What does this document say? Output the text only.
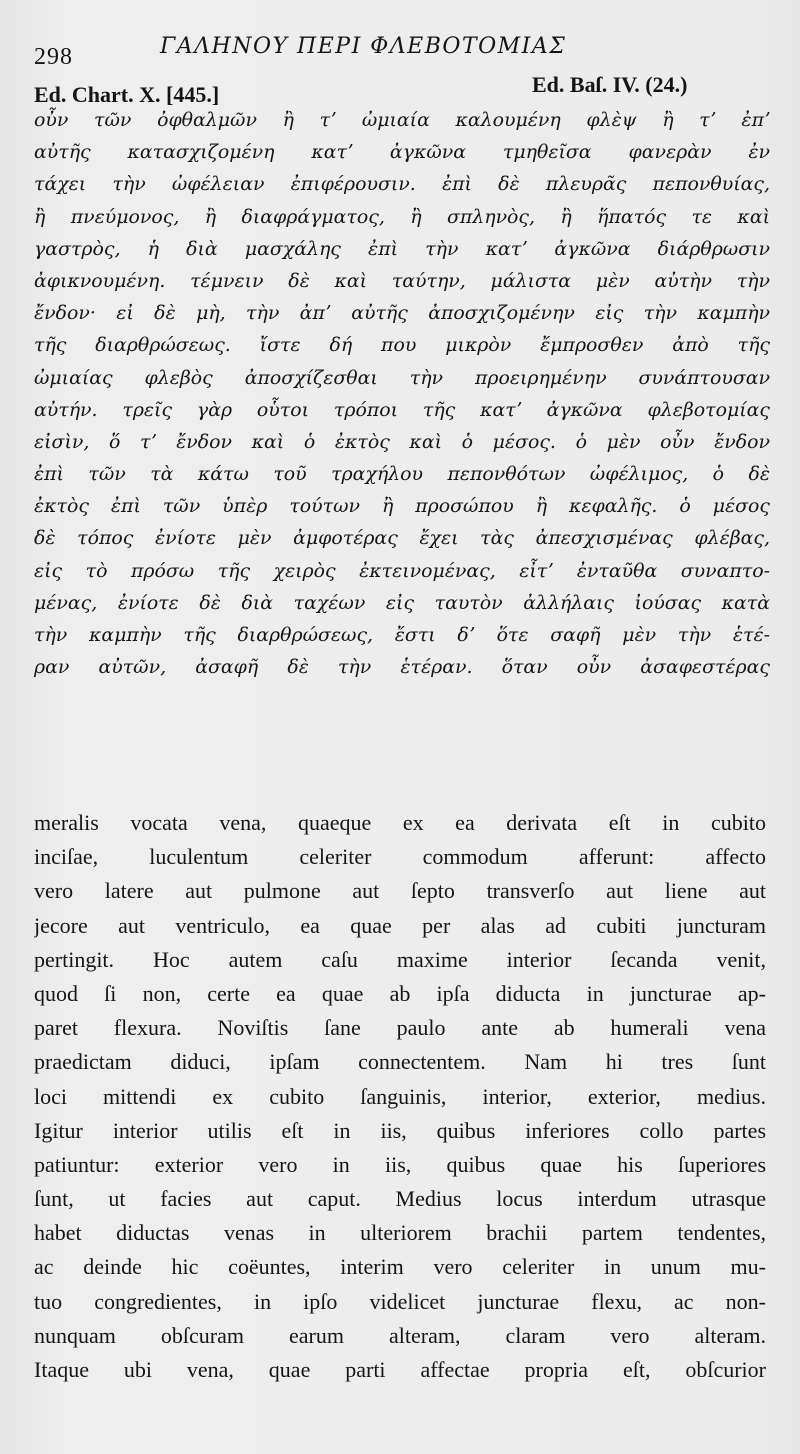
298	ΓΑΛΗΝΟΥ ΠΕΡΙ ΦΛΕΒΟΤΟΜΙΑΣ
Ed. Chart. X. [445.]	Ed. Baſ. IV. (24.)
οὖν τῶν ὀφθαλμῶν ἢ τʼ ὠμιαία καλουμένη φλὲψ ἢ τʼ ἐπʼ
αὐτῆς κατασχιζομένη κατʼ ἀγκῶνα τμηθεῖσα φανερὰν ἐν
τάχει τὴν ὠφέλειαν ἐπιφέρουσιν. ἐπὶ δὲ πλευρᾶς πεπονθυίας,
ἢ πνεύμονος, ἢ διαφράγματος, ἢ σπληνὸς, ἢ ἥπατός τε καὶ
γαστρὸς, ἡ διὰ μασχάλης ἐπὶ τὴν κατʼ ἀγκῶνα διάρθρωσιν
ἀφικνουμένη. τέμνειν δὲ καὶ ταύτην, μάλιστα μὲν αὐτὴν τὴν
ἔνδον· εἰ δὲ μὴ, τὴν ἀπʼ αὐτῆς ἀποσχιζομένην εἰς τὴν καμπὴν
τῆς διαρθρώσεως. ἴστε δή που μικρὸν ἔμπροσθεν ἀπὸ τῆς
ὠμιαίας φλεβὸς ἀποσχίζεσθαι τὴν προειρημένην συνάπτουσαν
αὐτήν. τρεῖς γὰρ οὗτοι τρόποι τῆς κατʼ ἀγκῶνα φλεβοτομίας
εἰσὶν, ὅ τʼ ἔνδον καὶ ὁ ἐκτὸς καὶ ὁ μέσος. ὁ μὲν οὖν ἔνδον
ἐπὶ τῶν τὰ κάτω τοῦ τραχήλου πεπονθότων ὠφέλιμος, ὁ δὲ
ἐκτὸς ἐπὶ τῶν ὑπὲρ τούτων ἢ προσώπου ἢ κεφαλῆς. ὁ μέσος
δὲ τόπος ἐνίοτε μὲν ἀμφοτέρας ἔχει τὰς ἀπεσχισμένας φλέβας,
εἰς τὸ πρόσω τῆς χειρὸς ἐκτεινομένας, εἶτʼ ἐνταῦθα συναπτο-
μένας, ἐνίοτε δὲ διὰ ταχέων εἰς ταυτὸν ἀλλήλαις ἰούσας κατὰ
τὴν καμπὴν τῆς διαρθρώσεως, ἔστι δʼ ὅτε σαφῆ μὲν τὴν ἑτέ-
ραν αὐτῶν, ἀσαφῆ δὲ τὴν ἑτέραν. ὅταν οὖν ἀσαφεστέρας
meralis vocata vena, quaeque ex ea derivata eſt in cubito
inciſae, luculentum celeriter commodum afferunt: affecto
vero latere aut pulmone aut ſepto transverſo aut liene aut
jecore aut ventriculo, ea quae per alas ad cubiti juncturam
pertingit. Hoc autem caſu maxime interior ſecanda venit,
quod ſi non, certe ea quae ab ipſa diducta in juncturae ap-
paret flexura. Noviſtis ſane paulo ante ab humerali vena
praedictam diduci, ipſam connectentem. Nam hi tres ſunt
loci mittendi ex cubito ſanguinis, interior, exterior, medius.
Igitur interior utilis eſt in iis, quibus inferiores collo partes
patiuntur: exterior vero in iis, quibus quae his ſuperiores
ſunt, ut facies aut caput. Medius locus interdum utrasque
habet diductas venas in ulteriorem brachii partem tendentes,
ac deinde hic coëuntes, interim vero celeriter in unum mu-
tuo congredientes, in ipſo videlicet juncturae flexu, ac non-
nunquam obſcuram earum alteram, claram vero alteram.
Itaque ubi vena, quae parti affectae propria eſt, obſcurior
